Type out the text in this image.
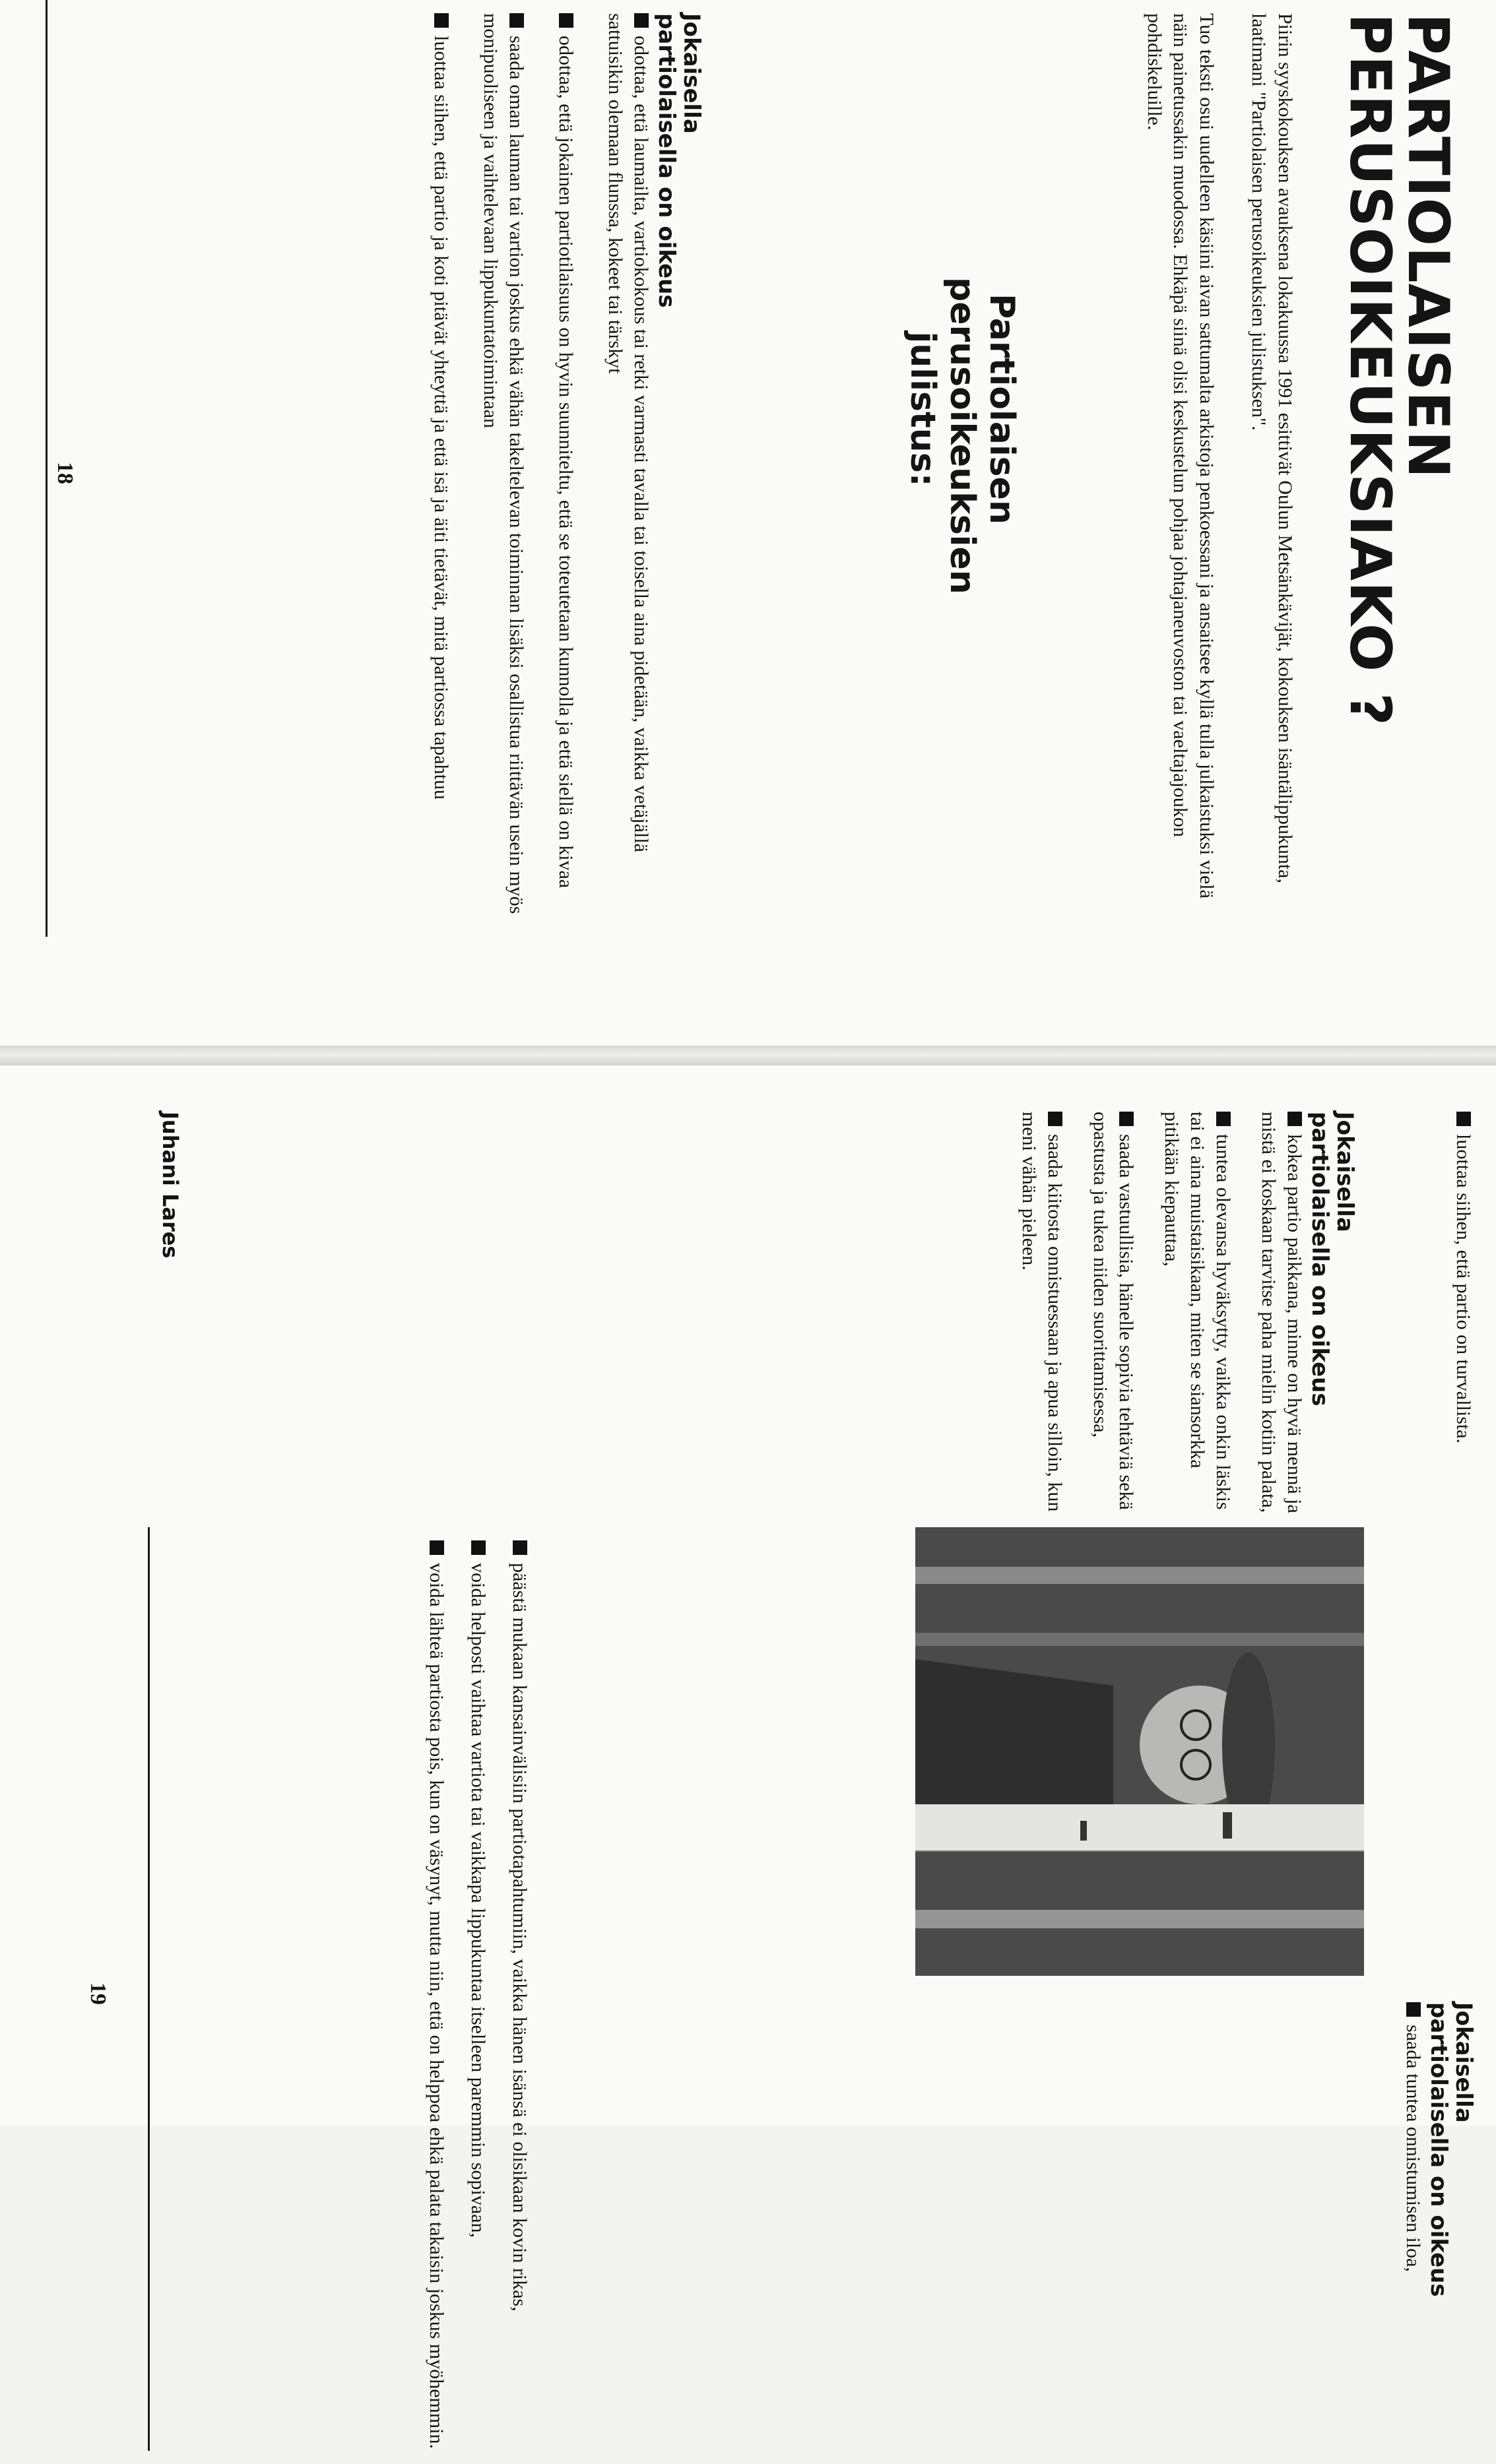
PARTIOLAISEN

PERUSOIKEUKSIAKO ?

Piirin syyskokouksen avauksena lokakuussa 1991 esittivät Oulun Metsänkävijät, kokouksen isäntälippukunta, laatimani "Partiolaisen perusoikeuksien julistuksen".

Tuo teksti osui uudelleen käsiini aivan sattumalta arkistoja penkoessani ja ansaitsee kyllä tulla julkaistuksi vielä näin painetussakin muodossa. Ehkäpä siinä olisi keskustelun pohjaa johtajaneuvoston tai vaeltajajoukon pohdiskeluille.

Partiolaisen

perusoikeuksien

julistus:

Jokaisella

partiolaisella on oikeus

odottaa, että laumailta, vartiokokous tai retki varmasti tavalla tai toisella aina pidetään, vaikka vetäjällä sattuisikin olemaan flunssa, kokeet tai tärskyt

odottaa, että jokainen partiotilaisuus on hyvin suunniteltu, että se toteutetaan kunnolla ja että siellä on kivaa

saada oman lauman tai vartion joskus ehkä vähän takeltelevan toiminnan lisäksi osallistua riittävän usein myös monipuoliseen ja vaihtelevaan lippukuntatoimintaan

luottaa siihen, että partio ja koti pitävät yhteyttä ja että isä ja äiti tietävät, mitä partiossa tapahtuu

18

luottaa siihen, että partio on turvallista.

Jokaisella

partiolaisella on oikeus

kokea partio paikkana, minne on hyvä mennä ja mistä ei koskaan tarvitse paha mielin kotiin palata,

tuntea olevansa hyväksytty, vaikka onkin läskis tai ei aina muistaisikaan, miten se siansorkka pitikään kiepauttaa,

saada vastuullisia, hänelle sopivia tehtäviä sekä opastusta ja tukea niiden suorittamisessa,

saada kiitosta onnistuessaan ja apua silloin, kun meni vähän pieleen.

Jokaisella

partiolaisella on oikeus

saada tuntea onnistumisen iloa,

päästä mukaan kansainvälisiin partiotapahtumiin, vaikka hänen isänsä ei olisikaan kovin rikas,

voida helposti vaihtaa vartiota tai vaikkapa lippukuntaa itselleen paremmin sopivaan,

voida lähteä partiosta pois, kun on väsynyt, mutta niin, että on helppoa ehkä palata takaisin joskus myöhemmin.

Juhani Lares
19
